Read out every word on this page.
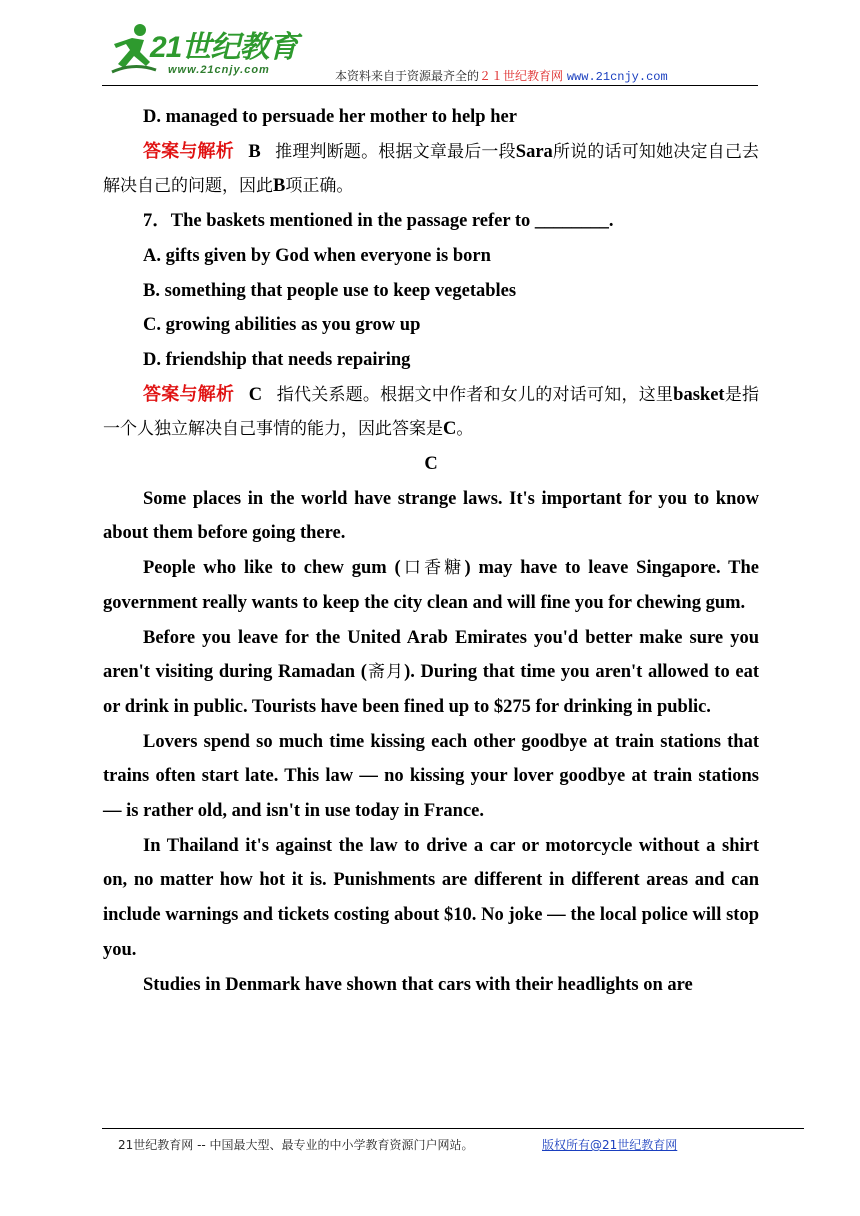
21世纪教育
www.21cnjy.com	本资料来自于资源最齐全的２１世纪教育网 www.21cnjy.com

D. managed to persuade her mother to help her

答案与解析 B 推理判断题。根据文章最后一段Sara所说的话可知她决定自己去解决自己的问题，因此B项正确。

7．The baskets mentioned in the passage refer to ________.

A. gifts given by God when everyone is born

B. something that people use to keep vegetables

C. growing abilities as you grow up

D. friendship that needs repairing

答案与解析 C 指代关系题。根据文中作者和女儿的对话可知，这里basket是指一个人独立解决自己事情的能力，因此答案是C。

C

Some places in the world have strange laws. It's important for you to know about them before going there.

People who like to chew gum (口香糖) may have to leave Singapore. The government really wants to keep the city clean and will fine you for chewing gum.

Before you leave for the United Arab Emirates you'd better make sure you aren't visiting during Ramadan (斋月). During that time you aren't allowed to eat or drink in public. Tourists have been fined up to $275 for drinking in public.

Lovers spend so much time kissing each other goodbye at train stations that trains often start late. This law — no kissing your lover goodbye at train stations — is rather old, and isn't in use today in France.

In Thailand it's against the law to drive a car or motorcycle without a shirt on, no matter how hot it is. Punishments are different in different areas and can include warnings and tickets costing about $10. No joke — the local police will stop you.

Studies in Denmark have shown that cars with their headlights on are

21世纪教育网 -- 中国最大型、最专业的中小学教育资源门户网站。	版权所有@21世纪教育网
